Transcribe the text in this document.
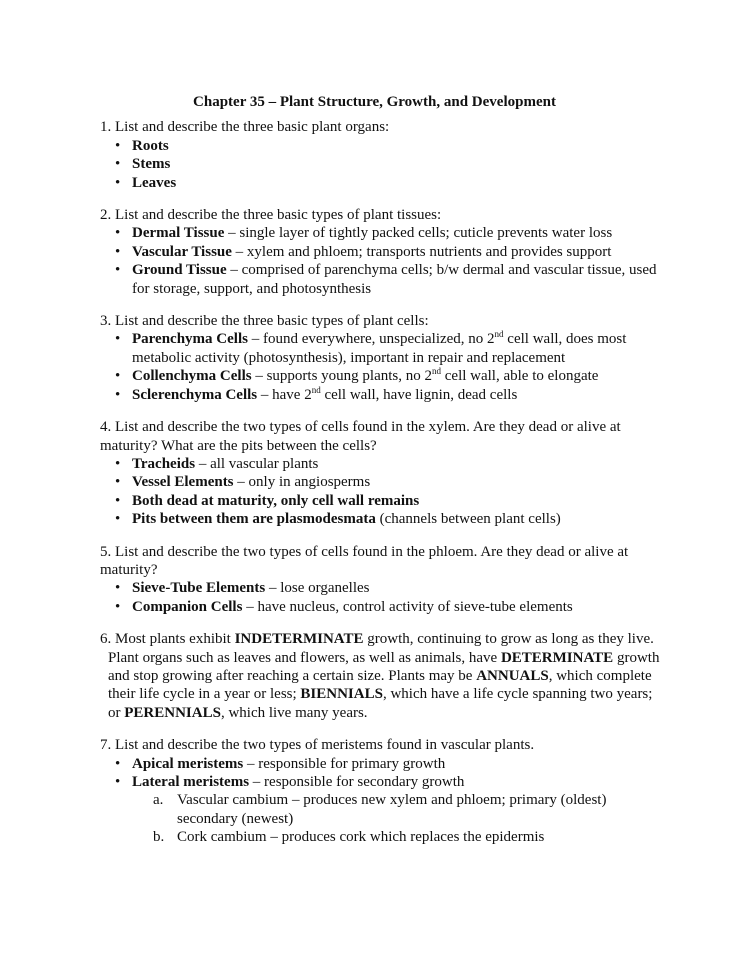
Chapter 35 – Plant Structure, Growth, and Development
1. List and describe the three basic plant organs:
• Roots
• Stems
• Leaves
2. List and describe the three basic types of plant tissues:
• Dermal Tissue – single layer of tightly packed cells; cuticle prevents water loss
• Vascular Tissue – xylem and phloem; transports nutrients and provides support
• Ground Tissue – comprised of parenchyma cells; b/w dermal and vascular tissue, used for storage, support, and photosynthesis
3. List and describe the three basic types of plant cells:
• Parenchyma Cells – found everywhere, unspecialized, no 2nd cell wall, does most metabolic activity (photosynthesis), important in repair and replacement
• Collenchyma Cells – supports young plants, no 2nd cell wall, able to elongate
• Sclerenchyma Cells – have 2nd cell wall, have lignin, dead cells
4. List and describe the two types of cells found in the xylem. Are they dead or alive at maturity? What are the pits between the cells?
• Tracheids – all vascular plants
• Vessel Elements – only in angiosperms
• Both dead at maturity, only cell wall remains
• Pits between them are plasmodesmata (channels between plant cells)
5. List and describe the two types of cells found in the phloem. Are they dead or alive at maturity?
• Sieve-Tube Elements – lose organelles
• Companion Cells – have nucleus, control activity of sieve-tube elements
6. Most plants exhibit INDETERMINATE growth, continuing to grow as long as they live. Plant organs such as leaves and flowers, as well as animals, have DETERMINATE growth and stop growing after reaching a certain size. Plants may be ANNUALS, which complete their life cycle in a year or less; BIENNIALS, which have a life cycle spanning two years; or PERENNIALS, which live many years.
7. List and describe the two types of meristems found in vascular plants.
• Apical meristems – responsible for primary growth
• Lateral meristems – responsible for secondary growth
a. Vascular cambium – produces new xylem and phloem; primary (oldest) secondary (newest)
b. Cork cambium – produces cork which replaces the epidermis
